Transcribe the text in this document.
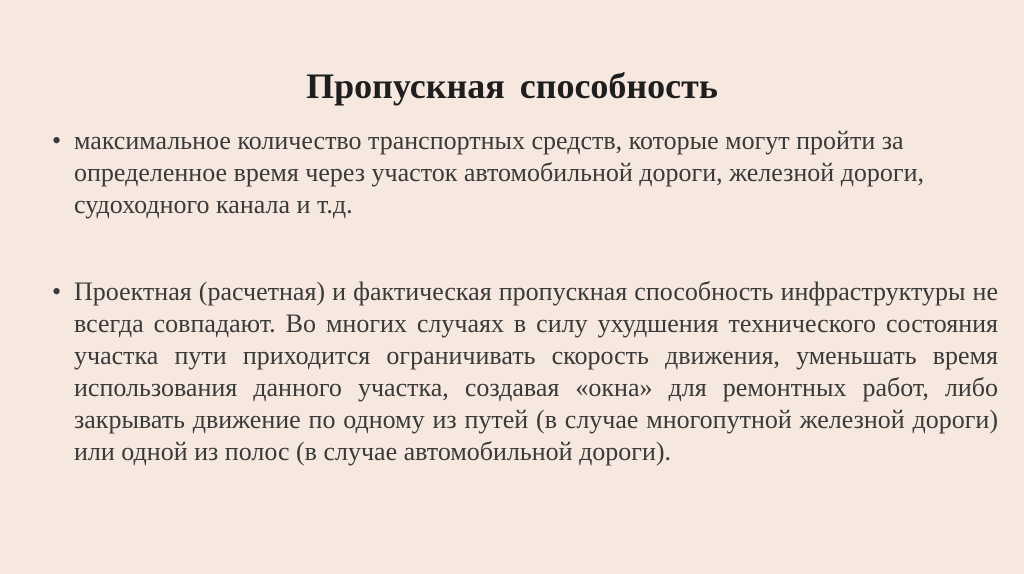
Пропускная способность
• максимальное количество транспортных средств, которые могут пройти за определенное время через участок автомобильной дороги, железной дороги, судоходного канала и т.д.
• Проектная (расчетная) и фактическая пропускная способность инфраструктуры не всегда совпадают. Во многих случаях в силу ухудшения технического состояния участка пути приходится ограничивать скорость движения, уменьшать время использования данного участка, создавая «окна» для ремонтных работ, либо закрывать движение по одному из путей (в случае многопутной железной дороги) или одной из полос (в случае автомобильной дороги).
